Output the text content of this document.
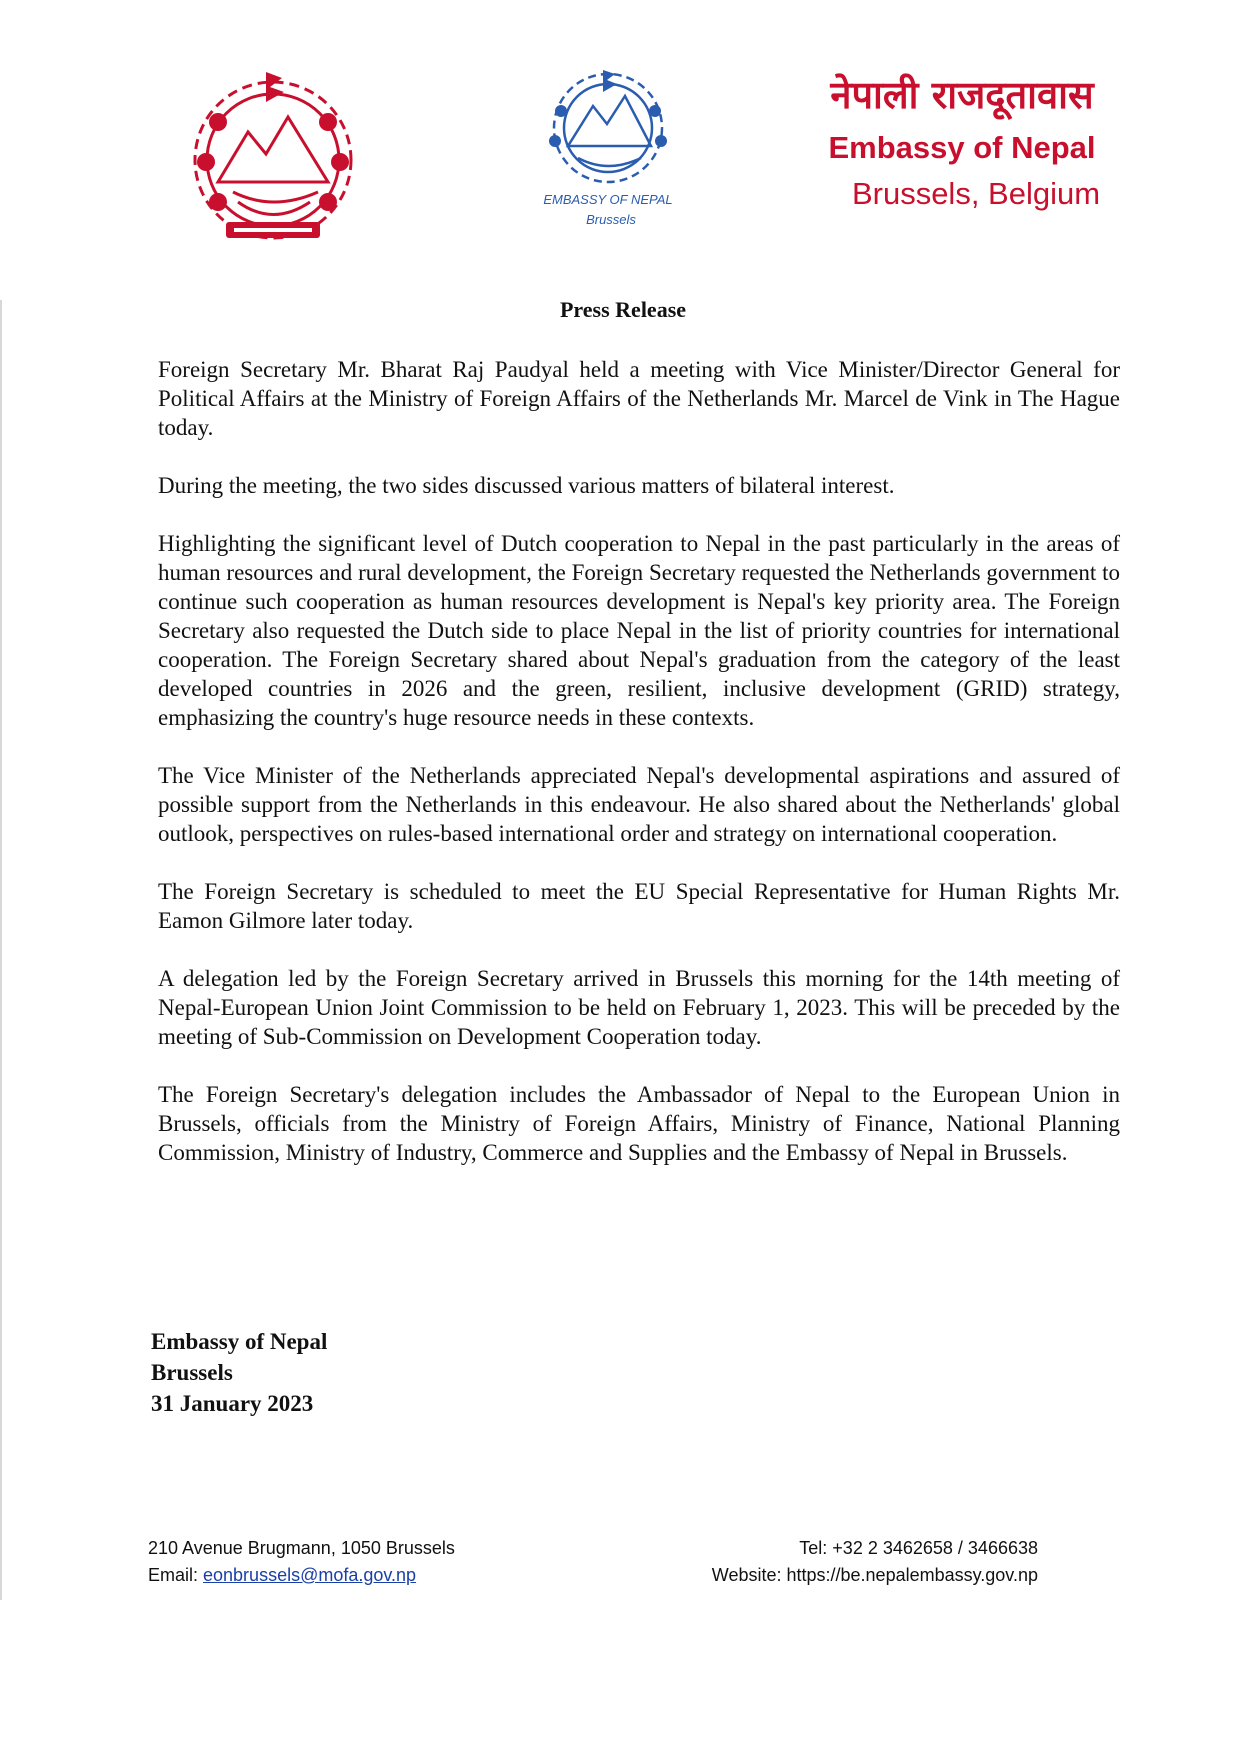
EMBASSY OF NEPAL
Brussels
नेपाली राजदूतावास
Embassy of Nepal
Brussels, Belgium
Press Release

Foreign Secretary Mr. Bharat Raj Paudyal held a meeting with Vice Minister/Director General for Political Affairs at the Ministry of Foreign Affairs of the Netherlands Mr. Marcel de Vink in The Hague today.

During the meeting, the two sides discussed various matters of bilateral interest.

Highlighting the significant level of Dutch cooperation to Nepal in the past particularly in the areas of human resources and rural development, the Foreign Secretary requested the Netherlands government to continue such cooperation as human resources development is Nepal's key priority area. The Foreign Secretary also requested the Dutch side to place Nepal in the list of priority countries for international cooperation. The Foreign Secretary shared about Nepal's graduation from the category of the least developed countries in 2026 and the green, resilient, inclusive development (GRID) strategy, emphasizing the country's huge resource needs in these contexts.

The Vice Minister of the Netherlands appreciated Nepal's developmental aspirations and assured of possible support from the Netherlands in this endeavour. He also shared about the Netherlands' global outlook, perspectives on rules-based international order and strategy on international cooperation.

The Foreign Secretary is scheduled to meet the EU Special Representative for Human Rights Mr. Eamon Gilmore later today.

A delegation led by the Foreign Secretary arrived in Brussels this morning for the 14th meeting of Nepal-European Union Joint Commission to be held on February 1, 2023. This will be preceded by the meeting of Sub-Commission on Development Cooperation today.

The Foreign Secretary's delegation includes the Ambassador of Nepal to the European Union in Brussels, officials from the Ministry of Foreign Affairs, Ministry of Finance, National Planning Commission, Ministry of Industry, Commerce and Supplies and the Embassy of Nepal in Brussels.

Embassy of Nepal
Brussels
31 January 2023
210 Avenue Brugmann, 1050 Brussels
Email: eonbrussels@mofa.gov.np
Tel: +32 2 3462658 / 3466638
Website: https://be.nepalembassy.gov.np
